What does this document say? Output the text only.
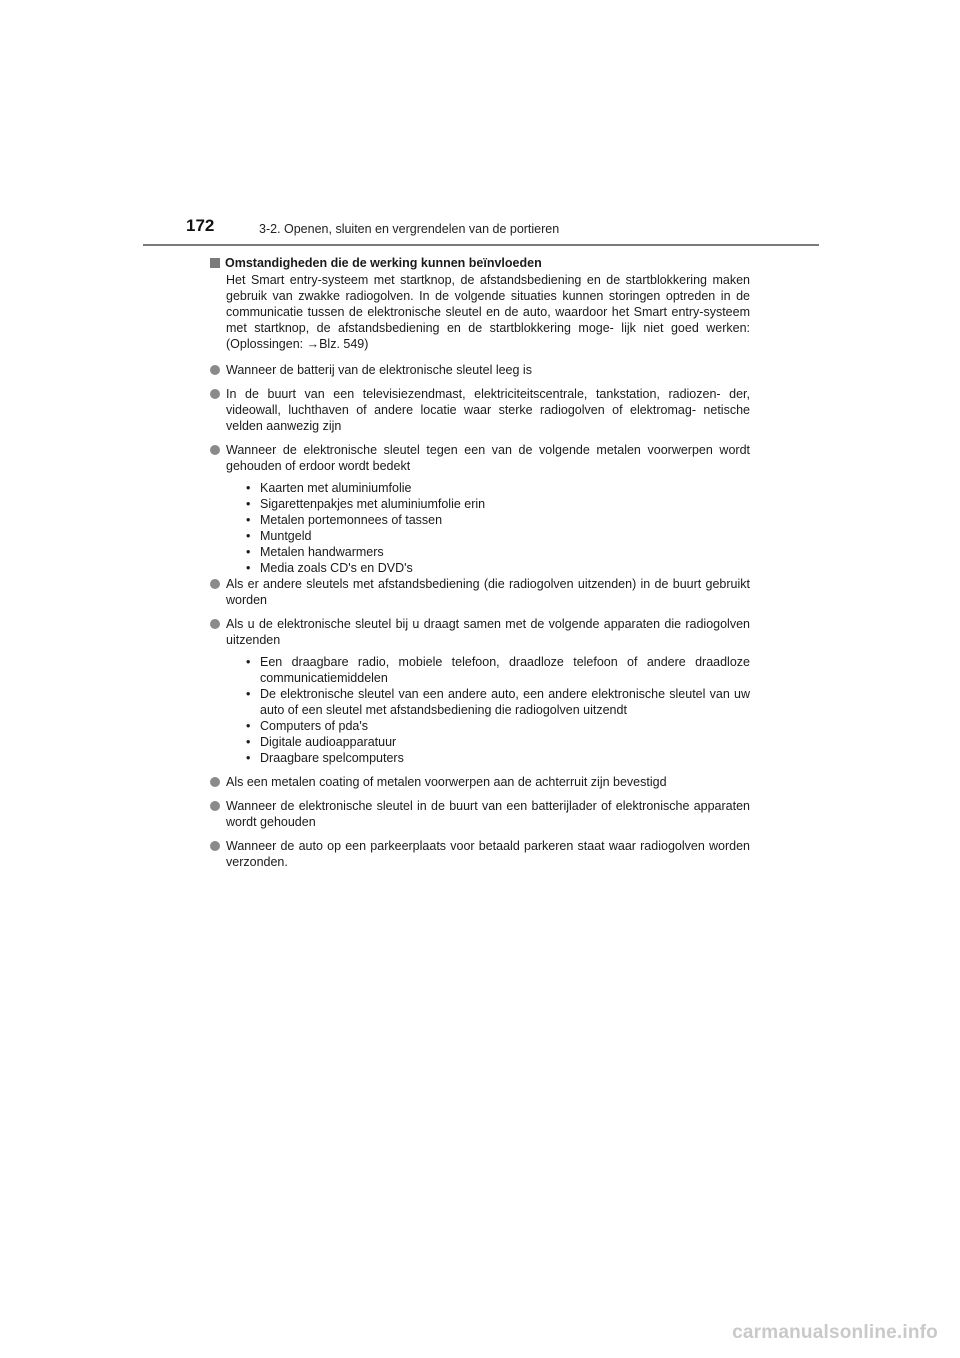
172	3-2. Openen, sluiten en vergrendelen van de portieren
Omstandigheden die de werking kunnen beïnvloeden
Het Smart entry-systeem met startknop, de afstandsbediening en de startblokkering maken gebruik van zwakke radiogolven. In de volgende situaties kunnen storingen optreden in de communicatie tussen de elektronische sleutel en de auto, waardoor het Smart entry-systeem met startknop, de afstandsbediening en de startblokkering moge- lijk niet goed werken: (Oplossingen: →Blz. 549)
Wanneer de batterij van de elektronische sleutel leeg is
In de buurt van een televisiezendmast, elektriciteitscentrale, tankstation, radiozen- der, videowall, luchthaven of andere locatie waar sterke radiogolven of elektromag- netische velden aanwezig zijn
Wanneer de elektronische sleutel tegen een van de volgende metalen voorwerpen wordt gehouden of erdoor wordt bedekt
• Kaarten met aluminiumfolie
• Sigarettenpakjes met aluminiumfolie erin
• Metalen portemonnees of tassen
• Muntgeld
• Metalen handwarmers
• Media zoals CD's en DVD's
Als er andere sleutels met afstandsbediening (die radiogolven uitzenden) in de buurt gebruikt worden
Als u de elektronische sleutel bij u draagt samen met de volgende apparaten die radiogolven uitzenden
• Een draagbare radio, mobiele telefoon, draadloze telefoon of andere draadloze communicatiemiddelen
• De elektronische sleutel van een andere auto, een andere elektronische sleutel van uw auto of een sleutel met afstandsbediening die radiogolven uitzendt
• Computers of pda's
• Digitale audioapparatuur
• Draagbare spelcomputers
Als een metalen coating of metalen voorwerpen aan de achterruit zijn bevestigd
Wanneer de elektronische sleutel in de buurt van een batterijlader of elektronische apparaten wordt gehouden
Wanneer de auto op een parkeerplaats voor betaald parkeren staat waar radiogolven worden verzonden.
carmanualsonline.info
